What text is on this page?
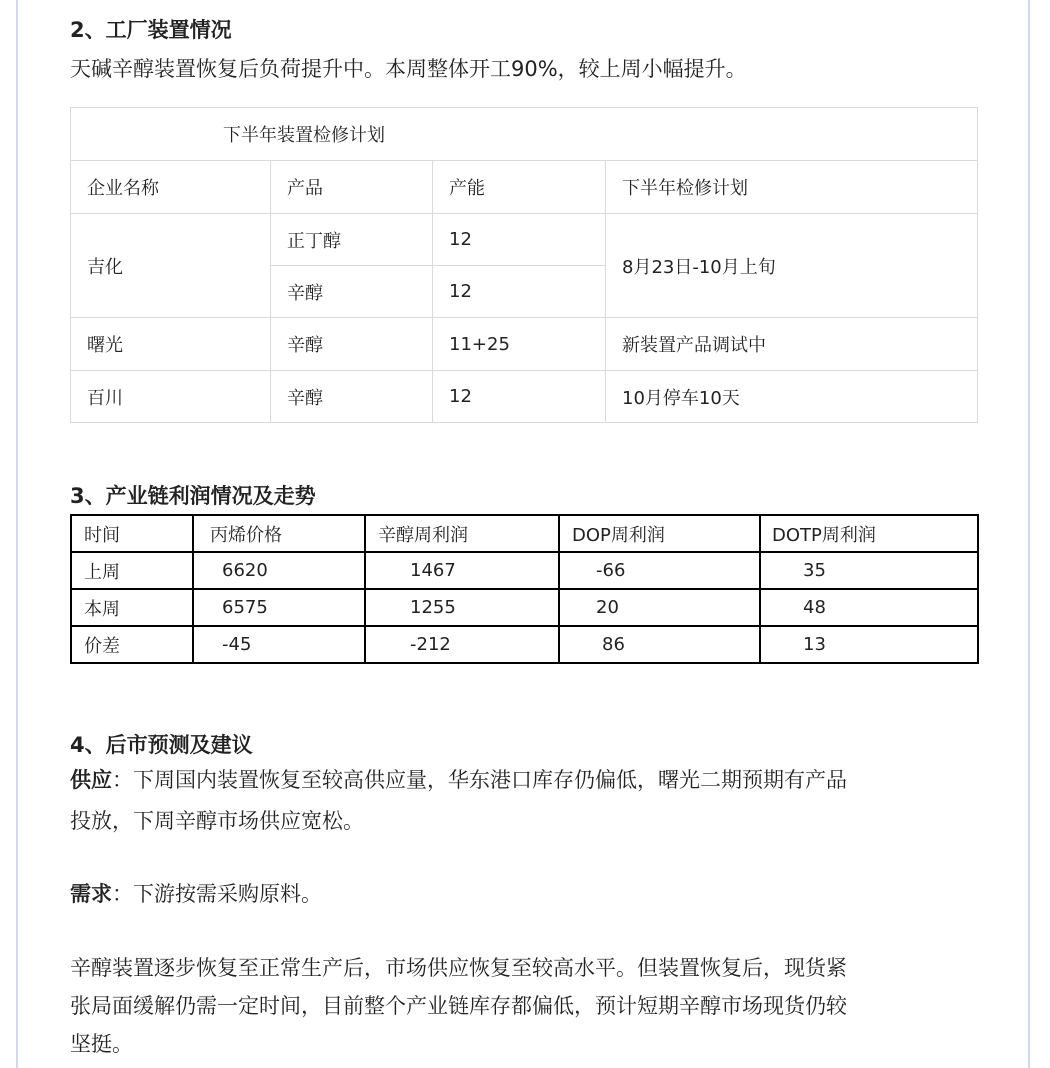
2、工厂装置情况
天碱辛醇装置恢复后负荷提升中。本周整体开工90%，较上周小幅提升。
下半年装置检修计划			
企业名称	产品	产能	下半年检修计划
吉化	正丁醇	12	8月23日-10月上旬
	辛醇	12	
曙光	辛醇	11+25	新装置产品调试中
百川	辛醇	12	10月停车10天
3、产业链利润情况及走势
时间	丙烯价格	辛醇周利润	DOP周利润	DOTP周利润
上周	6620	1467	-66	35
本周	6575	1255	20	48
价差	-45	-212	86	13
4、后市预测及建议
供应：下周国内装置恢复至较高供应量，华东港口库存仍偏低，曙光二期预期有产品
投放，下周辛醇市场供应宽松。
需求：下游按需采购原料。
辛醇装置逐步恢复至正常生产后，市场供应恢复至较高水平。但装置恢复后，现货紧
张局面缓解仍需一定时间，目前整个产业链库存都偏低，预计短期辛醇市场现货仍较
坚挺。
